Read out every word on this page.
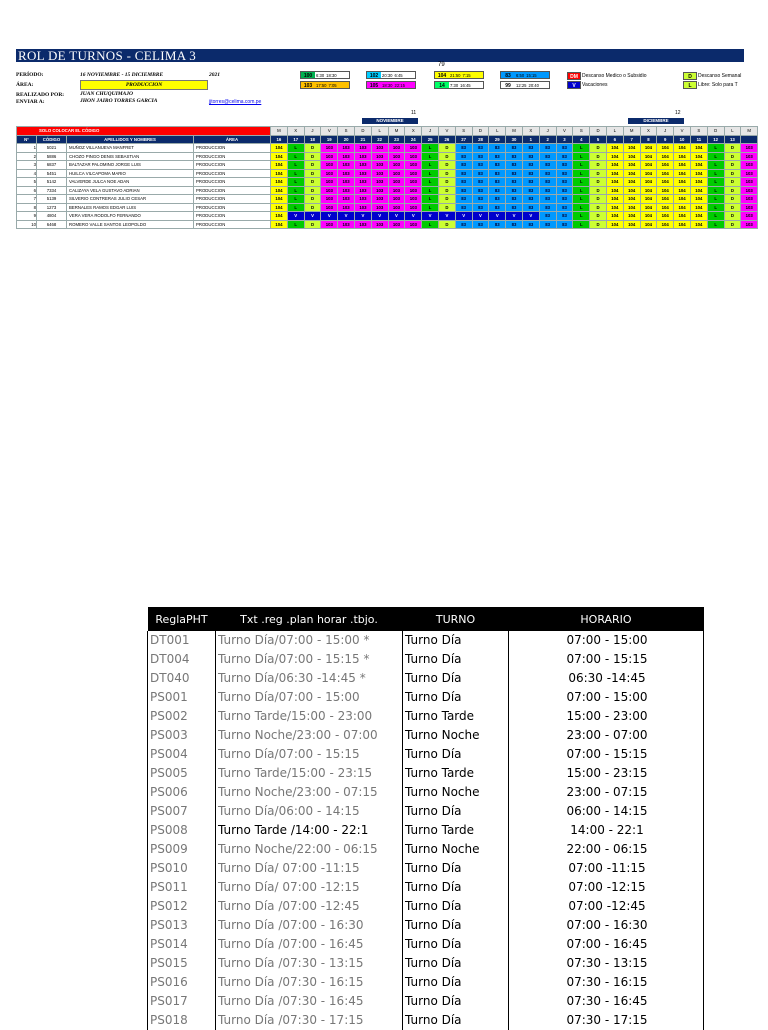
ROL DE TURNOS - CELIMA 3
79
PERÍODO:	16 NOVIEMBRE - 15 DICIEMBRE	2021
ÁREA:	PRODUCCION
REALIZADO POR:	JUAN CHUQUIMAJO
ENVIAR A:	JHON JAIRO TORRES GARCIA	jjtorres@celima.com.pe
100 6:30 18:30
103 17:50 7:05
102 20:30 6:45
105 18:30 22:15
104 21:50 7:15
14	7:30 16:45
83	6:50 15:15
99	12:25 20:40
DM Descanso Medico o Subsidio
V	Vacaciones
D	Descanso Semanal
L	Libre: Solo para T
11	12
NOVIEMBRE	DICIEMBRE
SOLO COLOCAR EL CÓDIGO				M	X	J	V	S	D	L	M	X	J	V	S	D	L	M	X	J	V	S	D	L	M	X	J	V	S	D	L	M
N°	CÓDIGO	APELLIDOS Y NOMBRES	ÁREA	16	17	18	19	20	21	22	23	24	25	26	27	28	29	30	1	2	3	4	5	6	7	8	9	10	11	12	13	
1	5021	MUÑOZ VILLANUEVA MANFRET	PRODUCCION	104	L	D	103	103	103	103	103	103	L	D	83	83	83	83	83	83	83	L	D	104	104	104	104	104	104	L	D	103
2	5886	CHOZO PINGO DENIS SEBASTIAN	PRODUCCION	104	L	D	103	103	103	103	103	103	L	D	83	83	83	83	83	83	83	L	D	104	104	104	104	104	104	L	D	103
3	6837	BALTAZAR PALOMINO JORGE LUIS	PRODUCCION	104	L	D	103	103	103	103	103	103	L	D	83	83	83	83	83	83	83	L	D	104	104	104	104	104	104	L	D	103
4	5451	HUILCA VILCAPOMA MARIO	PRODUCCION	104	L	D	103	103	103	103	103	103	L	D	83	83	83	83	83	83	83	L	D	104	104	104	104	104	104	L	D	103
5	5142	VALVERDE JULCA NOE ADAN	PRODUCCION	104	L	D	103	103	103	103	103	103	L	D	83	83	83	83	83	83	83	L	D	104	104	104	104	104	104	L	D	103
6	7334	CALIZAYA VELA GUSTAVO ADRIAN	PRODUCCION	104	L	D	103	103	103	103	103	103	L	D	83	83	83	83	83	83	83	L	D	104	104	104	104	104	104	L	D	103
7	5139	SILVERIO CONTRERAS JULIO CESAR	PRODUCCION	104	L	D	103	103	103	103	103	103	L	D	83	83	83	83	83	83	83	L	D	104	104	104	104	104	104	L	D	103
8	1273	BERNALES RAMOS EDGAR LUIS	PRODUCCION	104	L	D	103	103	103	103	103	103	L	D	83	83	83	83	83	83	83	L	D	104	104	104	104	104	104	L	D	103
9	4804	VERA VERA RODOLFO FERNANDO	PRODUCCION	104	V	V	V	V	V	V	V	V	V	V	V	V	V	V	V	83	83	L	D	104	104	104	104	104	104	L	D	103
10	6468	ROMERO VALLE SANTOS LEOPOLDO	PRODUCCION	104	L	D	103	103	103	103	103	103	L	D	83	83	83	83	83	83	83	L	D	104	104	104	104	104	104	L	D	103
ReglaPHT	Txt .reg .plan horar .tbjo.	TURNO	HORARIO
DT001	Turno Día/07:00 - 15:00 *	Turno Día	07:00 - 15:00
DT004	Turno Día/07:00 - 15:15 *	Turno Día	07:00 - 15:15
DT040	Turno Día/06:30 -14:45 *	Turno Día	06:30 -14:45
PS001	Turno Día/07:00 - 15:00	Turno Día	07:00 - 15:00
PS002	Turno Tarde/15:00 - 23:00	Turno Tarde	15:00 - 23:00
PS003	Turno Noche/23:00 - 07:00	Turno Noche	23:00 - 07:00
PS004	Turno Día/07:00 - 15:15	Turno Día	07:00 - 15:15
PS005	Turno Tarde/15:00 - 23:15	Turno Tarde	15:00 - 23:15
PS006	Turno Noche/23:00 - 07:15	Turno Noche	23:00 - 07:15
PS007	Turno Día/06:00 - 14:15	Turno Día	06:00 - 14:15
PS008	Turno Tarde /14:00 - 22:1	Turno Tarde	14:00 - 22:1
PS009	Turno Noche/22:00 - 06:15	Turno Noche	22:00 - 06:15
PS010	Turno Día/ 07:00 -11:15	Turno Día	07:00 -11:15
PS011	Turno Día/ 07:00 -12:15	Turno Día	07:00 -12:15
PS012	Turno Día /07:00 -12:45	Turno Día	07:00 -12:45
PS013	Turno Día /07:00 - 16:30	Turno Día	07:00 - 16:30
PS014	Turno Día /07:00 - 16:45	Turno Día	07:00 - 16:45
PS015	Turno Día /07:30 - 13:15	Turno Día	07:30 - 13:15
PS016	Turno Día /07:30 - 16:15	Turno Día	07:30 - 16:15
PS017	Turno Día /07:30 - 16:45	Turno Día	07:30 - 16:45
PS018	Turno Día /07:30 - 17:15	Turno Día	07:30 - 17:15
